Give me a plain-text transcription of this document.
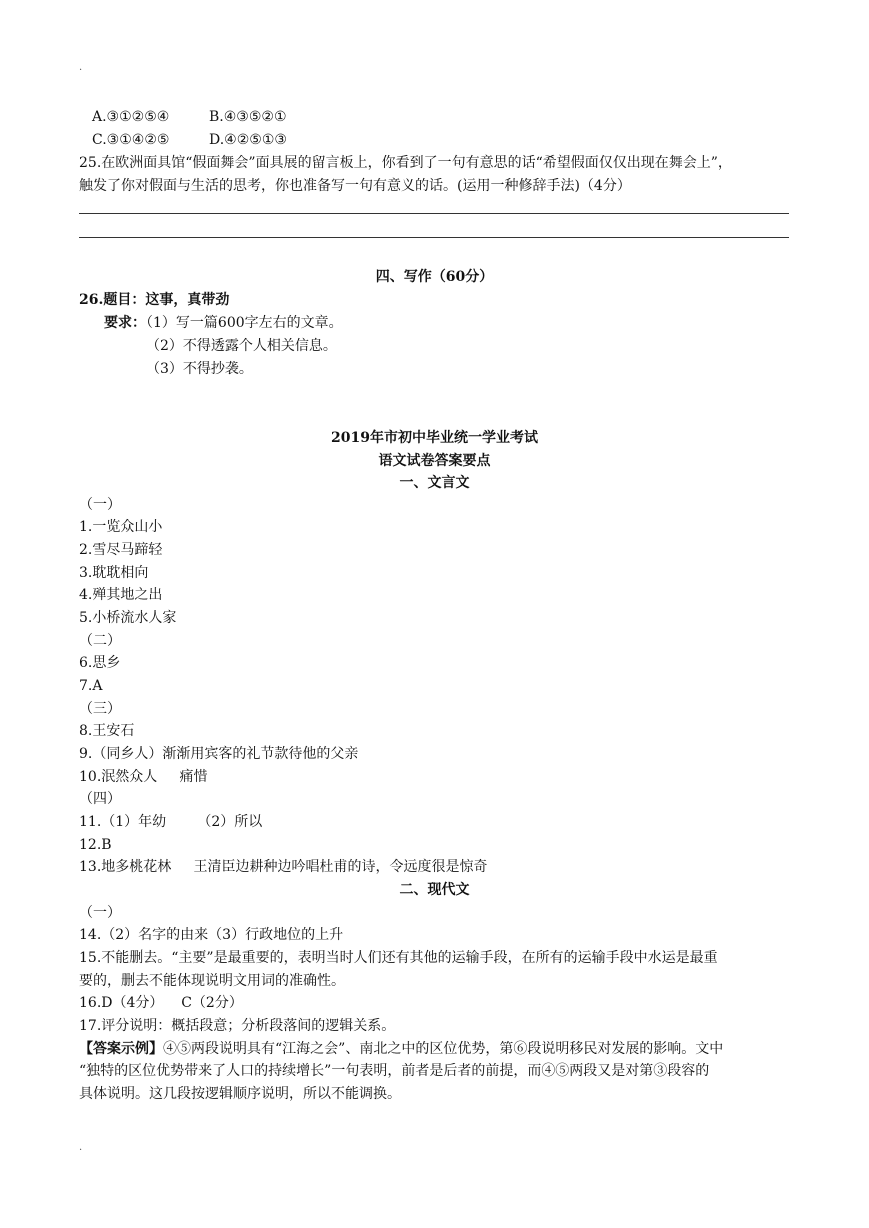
.
A.③①②⑤④	B.④③⑤②①
C.③①④②⑤	D.④②⑤①③
25.在欧洲面具馆“假面舞会”面具展的留言板上，你看到了一句有意思的话“希望假面仅仅出现在舞会上”，
触发了你对假面与生活的思考，你也准备写一句有意义的话。(运用一种修辞手法)（4分）
四、写作（60分）
26.题目：这事，真带劲
要求：（1）写一篇600字左右的文章。
（2）不得透露个人相关信息。
（3）不得抄袭。
2019年市初中毕业统一学业考试
语文试卷答案要点
一、文言文
（一）
1.一览众山小
2.雪尽马蹄轻
3.耽耽相向
4.殚其地之出
5.小桥流水人家
（二）
6.思乡
7.A
（三）
8.王安石
9.（同乡人）渐渐用宾客的礼节款待他的父亲
10.泯然众人     痛惜
（四）
11.（1）年幼       （2）所以
12.B
13.地多桃花林     王清臣边耕种边吟唱杜甫的诗，令远度很是惊奇
二、现代文
（一）
14.（2）名字的由来（3）行政地位的上升
15.不能删去。“主要”是最重要的，表明当时人们还有其他的运输手段，在所有的运输手段中水运是最重
要的，删去不能体现说明文用词的准确性。
16.D（4分）    C（2分）
17.评分说明：概括段意；分析段落间的逻辑关系。
【答案示例】④⑤两段说明具有“江海之会”、南北之中的区位优势，第⑥段说明移民对发展的影响。文中
“独特的区位优势带来了人口的持续增长”一句表明，前者是后者的前提，而④⑤两段又是对第③段容的
具体说明。这几段按逻辑顺序说明，所以不能调换。
.
